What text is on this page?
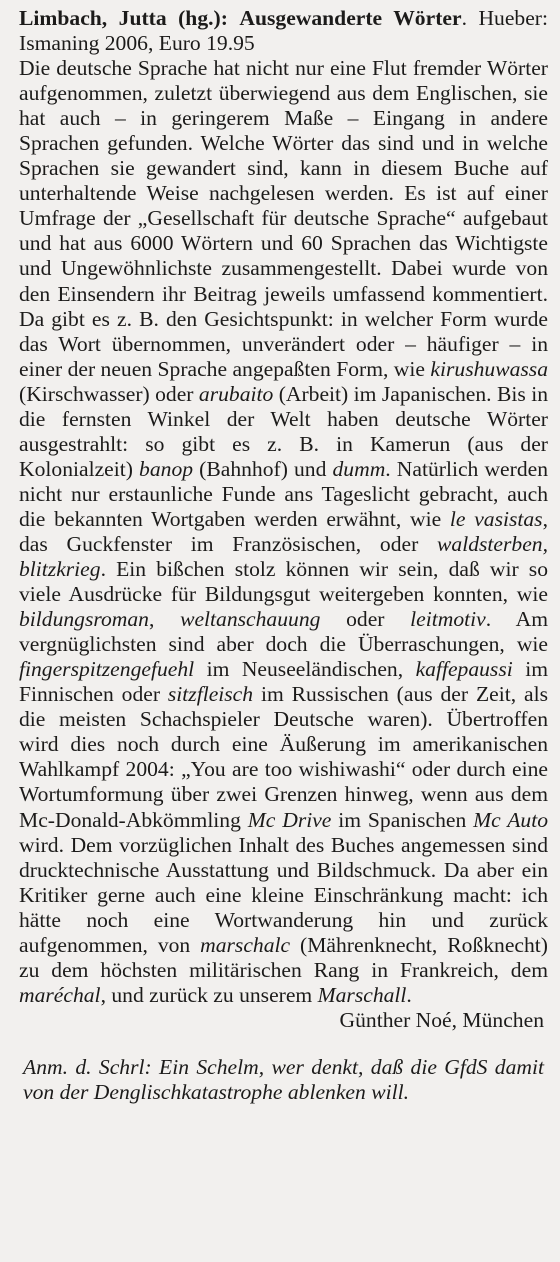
Limbach, Jutta (hg.): Ausgewanderte Wörter. Hueber: Ismaning 2006, Euro 19.95
Die deutsche Sprache hat nicht nur eine Flut fremder Wörter aufgenommen, zuletzt überwiegend aus dem Englischen, sie hat auch – in geringerem Maße – Eingang in andere Sprachen gefunden. Welche Wörter das sind und in welche Sprachen sie gewandert sind, kann in diesem Buche auf unterhaltende Weise nachgelesen werden. Es ist auf einer Umfrage der „Gesellschaft für deutsche Sprache“ aufgebaut und hat aus 6000 Wörtern und 60 Sprachen das Wichtigste und Ungewöhnlichste zusammengestellt. Dabei wurde von den Einsendern ihr Beitrag jeweils umfassend kommentiert. Da gibt es z. B. den Gesichtspunkt: in welcher Form wurde das Wort übernommen, unverändert oder – häufiger – in einer der neuen Sprache angepaßten Form, wie kirushuwassa (Kirschwasser) oder arubaito (Arbeit) im Japanischen. Bis in die fernsten Winkel der Welt haben deutsche Wörter ausgestrahlt: so gibt es z. B. in Kamerun (aus der Kolonialzeit) banop (Bahnhof) und dumm. Natürlich werden nicht nur erstaunliche Funde ans Tageslicht gebracht, auch die bekannten Wortgaben werden erwähnt, wie le vasistas, das Guckfenster im Französischen, oder waldsterben, blitzkrieg. Ein bißchen stolz können wir sein, daß wir so viele Ausdrücke für Bildungsgut weitergeben konnten, wie bildungsroman, weltanschauung oder leitmotiv. Am vergnüglichsten sind aber doch die Überraschungen, wie fingerspitzengefuehl im Neuseeländischen, kaffepaussi im Finnischen oder sitzfleisch im Russischen (aus der Zeit, als die meisten Schachspieler Deutsche waren). Übertroffen wird dies noch durch eine Äußerung im amerikanischen Wahlkampf 2004: „You are too wishiwashi“ oder durch eine Wortumformung über zwei Grenzen hinweg, wenn aus dem Mc-Donald-Abkömmling Mc Drive im Spanischen Mc Auto wird. Dem vorzüglichen Inhalt des Buches angemessen sind drucktechnische Ausstattung und Bildschmuck. Da aber ein Kritiker gerne auch eine kleine Einschränkung macht: ich hätte noch eine Wortwanderung hin und zurück aufgenommen, von marschalc (Mährenknecht, Roßknecht) zu dem höchsten militärischen Rang in Frankreich, dem maréchal, und zurück zu unserem Marschall.

Günther Noé, München

Anm. d. Schrl: Ein Schelm, wer denkt, daß die GfdS damit von der Denglischkatastrophe ablenken will.
